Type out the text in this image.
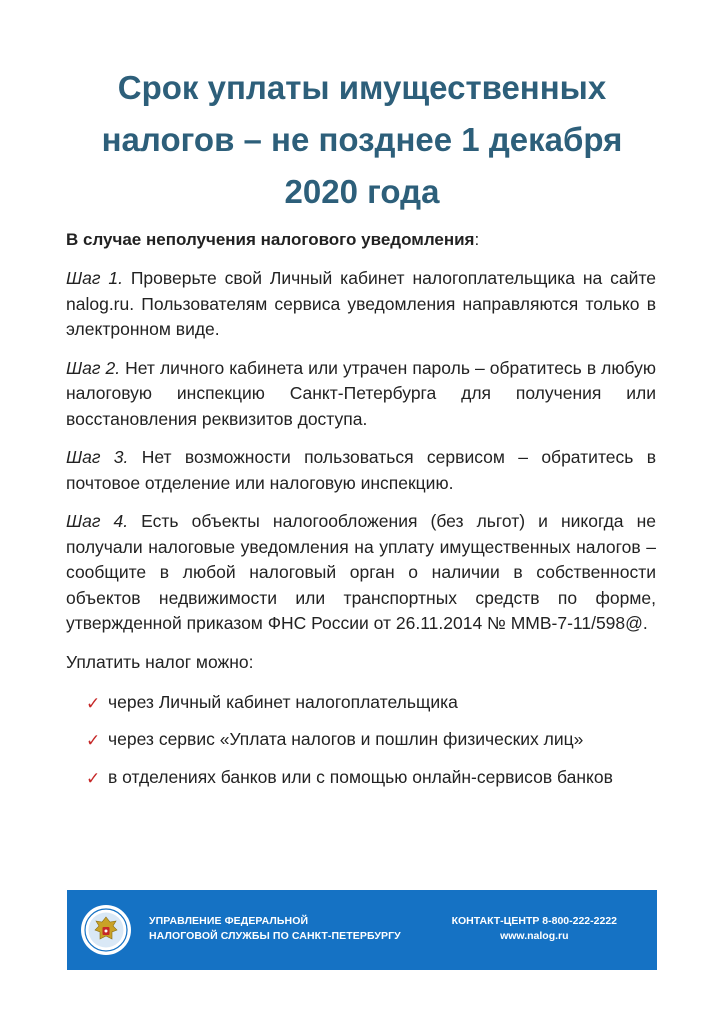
Срок уплаты имущественных
налогов – не позднее 1 декабря
2020 года

В случае неполучения налогового уведомления:

Шаг 1. Проверьте свой Личный кабинет налогоплательщика на сайте nalog.ru. Пользователям сервиса уведомления направляются только в электронном виде.

Шаг 2. Нет личного кабинета или утрачен пароль – обратитесь в любую налоговую инспекцию Санкт-Петербурга для получения или восстановления реквизитов доступа.

Шаг 3. Нет возможности пользоваться сервисом – обратитесь в почтовое отделение или налоговую инспекцию.

Шаг 4. Есть объекты налогообложения (без льгот) и никогда не получали налоговые уведомления на уплату имущественных налогов – сообщите в любой налоговый орган о наличии в собственности объектов недвижимости или транспортных средств по форме, утвержденной приказом ФНС России от 26.11.2014 № ММВ-7-11/598@.

Уплатить налог можно:

✓ через Личный кабинет налогоплательщика
✓ через сервис «Уплата налогов и пошлин физических лиц»
✓ в отделениях банков или с помощью онлайн-сервисов банков
УПРАВЛЕНИЕ ФЕДЕРАЛЬНОЙ
НАЛОГОВОЙ СЛУЖБЫ ПО САНКТ-ПЕТЕРБУРГУ
КОНТАКТ-ЦЕНТР 8-800-222-2222
www.nalog.ru
